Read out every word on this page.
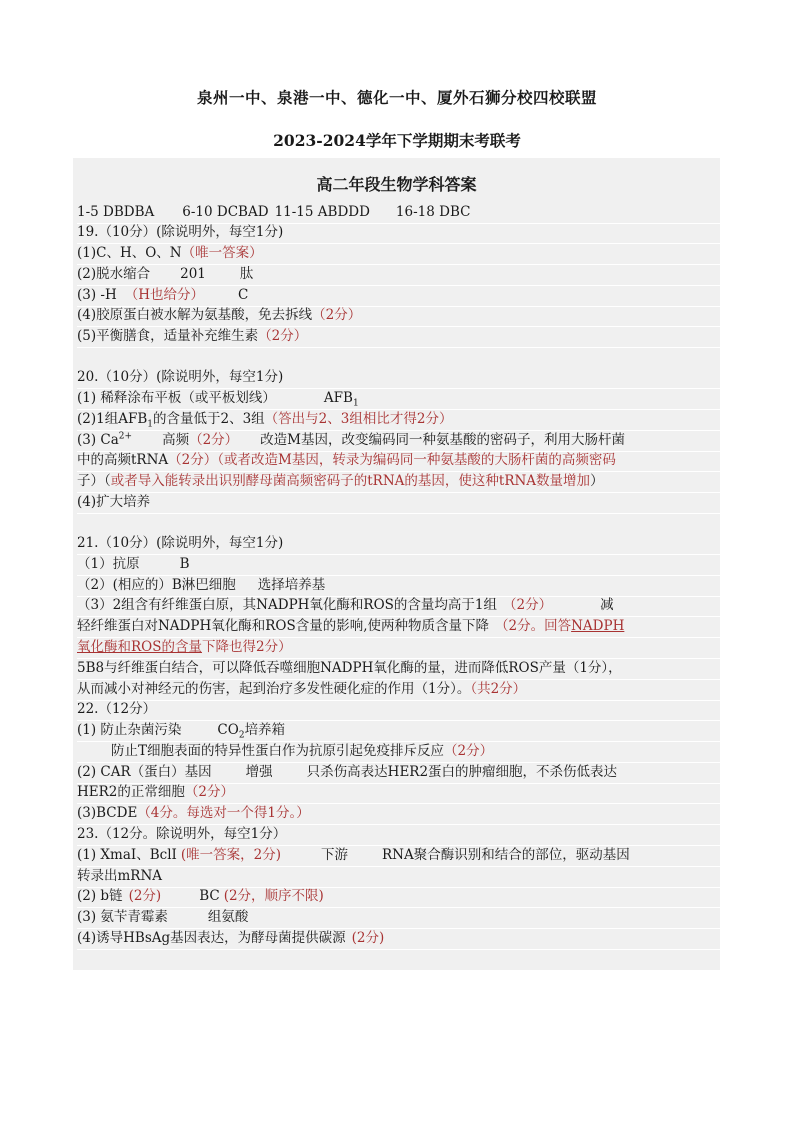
泉州一中、泉港一中、德化一中、厦外石狮分校四校联盟
2023-2024学年下学期期末考联考
高二年段生物学科答案
1-5 DBDBA 6-10 DCBAD 11-15 ABDDD 16-18 DBC
19.（10分）(除说明外，每空1分)
(1)C、H、O、N（唯一答案）
(2)脱水缩合 201	肽
(3) -H （H也给分）	C
(4)胶原蛋白被水解为氨基酸，免去拆线（2分）
(5)平衡膳食，适量补充维生素（2分）
20.（10分）(除说明外，每空1分)
(1) 稀释涂布平板（或平板划线）	$AFB_1$
(2)1组$AFB_1$的含量低于2、3组（答出与2、3组相比才得2分）
(3) $Ca^{2+}$ 高频（2分） 改造M基因，改变编码同一种氨基酸的密码子，利用大肠杆菌
中的高频tRNA（2分）（或者改造M基因，转录为编码同一种氨基酸的大肠杆菌的高频密码
子）（或者导入能转录出识别酵母菌高频密码子的tRNA的基因，使这种tRNA数量增加）
(4)扩大培养
21.（10分）(除说明外，每空1分)
（1）抗原	B
（2）(相应的）B淋巴细胞 选择培养基
（3）2组含有纤维蛋白原，其NADPH氧化酶和ROS的含量均高于1组 （2分）	减
轻纤维蛋白对NADPH氧化酶和ROS含量的影响,使两种物质含量下降 （2分。回答NADPH
氧化酶和ROS的含量下降也得2分）
5B8与纤维蛋白结合，可以降低吞噬细胞NADPH氧化酶的量，进而降低ROS产量（1分），
从而减小对神经元的伤害，起到治疗多发性硬化症的作用（1分）。（共2分）
22.（12分）
(1) 防止杂菌污染	$CO_2$培养箱
防止T细胞表面的特异性蛋白作为抗原引起免疫排斥反应（2分）
(2) CAR（蛋白）基因	增强	只杀伤高表达HER2蛋白的肿瘤细胞，不杀伤低表达
HER2的正常细胞（2分）
(3)BCDE（4分。每选对一个得1分。）
23.（12分。除说明外，每空1分）
(1) XmaI、BclI (唯一答案，2分)	下游	RNA聚合酶识别和结合的部位，驱动基因
转录出mRNA
(2) b链 (2分)	BC (2分，顺序不限)
(3) 氨苄青霉素	组氨酸
(4)诱导HBsAg基因表达，为酵母菌提供碳源 (2分)
